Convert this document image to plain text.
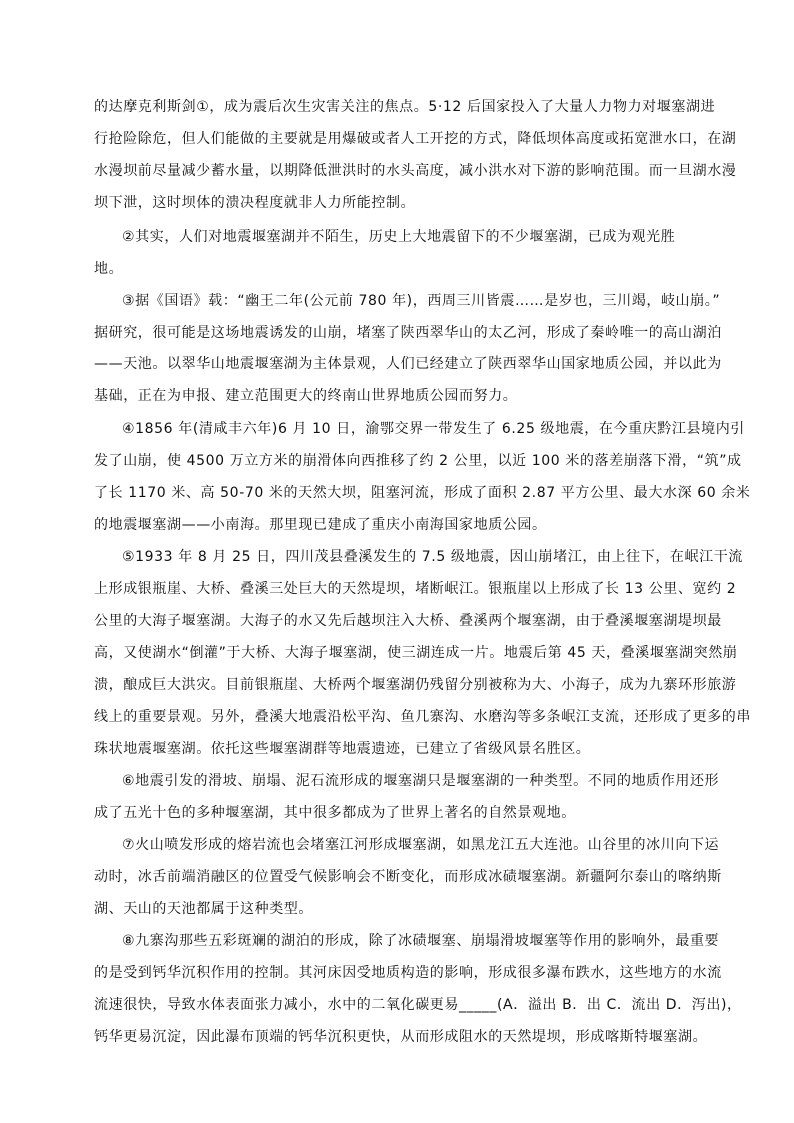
的达摩克利斯剑①，成为震后次生灾害关注的焦点。5·12 后国家投入了大量人力物力对堰塞湖进
行抢险除危，但人们能做的主要就是用爆破或者人工开挖的方式，降低坝体高度或拓宽泄水口，在湖
水漫坝前尽量减少蓄水量，以期降低泄洪时的水头高度，减小洪水对下游的影响范围。而一旦湖水漫
坝下泄，这时坝体的溃决程度就非人力所能控制。
②其实，人们对地震堰塞湖并不陌生，历史上大地震留下的不少堰塞湖，已成为观光胜
地。
③据《国语》载：“幽王二年(公元前 780 年)，西周三川皆震……是岁也，三川竭，岐山崩。”
据研究，很可能是这场地震诱发的山崩，堵塞了陕西翠华山的太乙河，形成了秦岭唯一的高山湖泊
——天池。以翠华山地震堰塞湖为主体景观，人们已经建立了陕西翠华山国家地质公园，并以此为
基础，正在为申报、建立范围更大的终南山世界地质公园而努力。
④1856 年(清咸丰六年)6 月 10 日，渝鄂交界一带发生了 6.25 级地震，在今重庆黔江县境内引
发了山崩，使 4500 万立方米的崩滑体向西推移了约 2 公里，以近 100 米的落差崩落下滑，“筑”成
了长 1170 米、高 50-70 米的天然大坝，阻塞河流，形成了面积 2.87 平方公里、最大水深 60 余米
的地震堰塞湖——小南海。那里现已建成了重庆小南海国家地质公园。
⑤1933 年 8 月 25 日，四川茂县叠溪发生的 7.5 级地震，因山崩堵江，由上往下，在岷江干流
上形成银瓶崖、大桥、叠溪三处巨大的天然堤坝，堵断岷江。银瓶崖以上形成了长 13 公里、宽约 2
公里的大海子堰塞湖。大海子的水又先后越坝注入大桥、叠溪两个堰塞湖，由于叠溪堰塞湖堤坝最
高，又使湖水“倒灌”于大桥、大海子堰塞湖，使三湖连成一片。地震后第 45 天，叠溪堰塞湖突然崩
溃，酿成巨大洪灾。目前银瓶崖、大桥两个堰塞湖仍残留分别被称为大、小海子，成为九寨环形旅游
线上的重要景观。另外，叠溪大地震沿松平沟、鱼几寨沟、水磨沟等多条岷江支流，还形成了更多的串
珠状地震堰塞湖。依托这些堰塞湖群等地震遗迹，已建立了省级风景名胜区。
⑥地震引发的滑坡、崩塌、泥石流形成的堰塞湖只是堰塞湖的一种类型。不同的地质作用还形
成了五光十色的多种堰塞湖，其中很多都成为了世界上著名的自然景观地。
⑦火山喷发形成的熔岩流也会堵塞江河形成堰塞湖，如黑龙江五大连池。山谷里的冰川向下运
动时，冰舌前端消融区的位置受气候影响会不断变化，而形成冰碛堰塞湖。新疆阿尔泰山的喀纳斯
湖、天山的天池都属于这种类型。
⑧九寨沟那些五彩斑斓的湖泊的形成，除了冰碛堰塞、崩塌滑坡堰塞等作用的影响外，最重要
的是受到钙华沉积作用的控制。其河床因受地质构造的影响，形成很多瀑布跌水，这些地方的水流
流速很快，导致水体表面张力减小，水中的二氧化碳更易_____(A．溢出 B．出 C．流出 D．泻出)，
钙华更易沉淀，因此瀑布顶端的钙华沉积更快，从而形成阻水的天然堤坝，形成喀斯特堰塞湖。
